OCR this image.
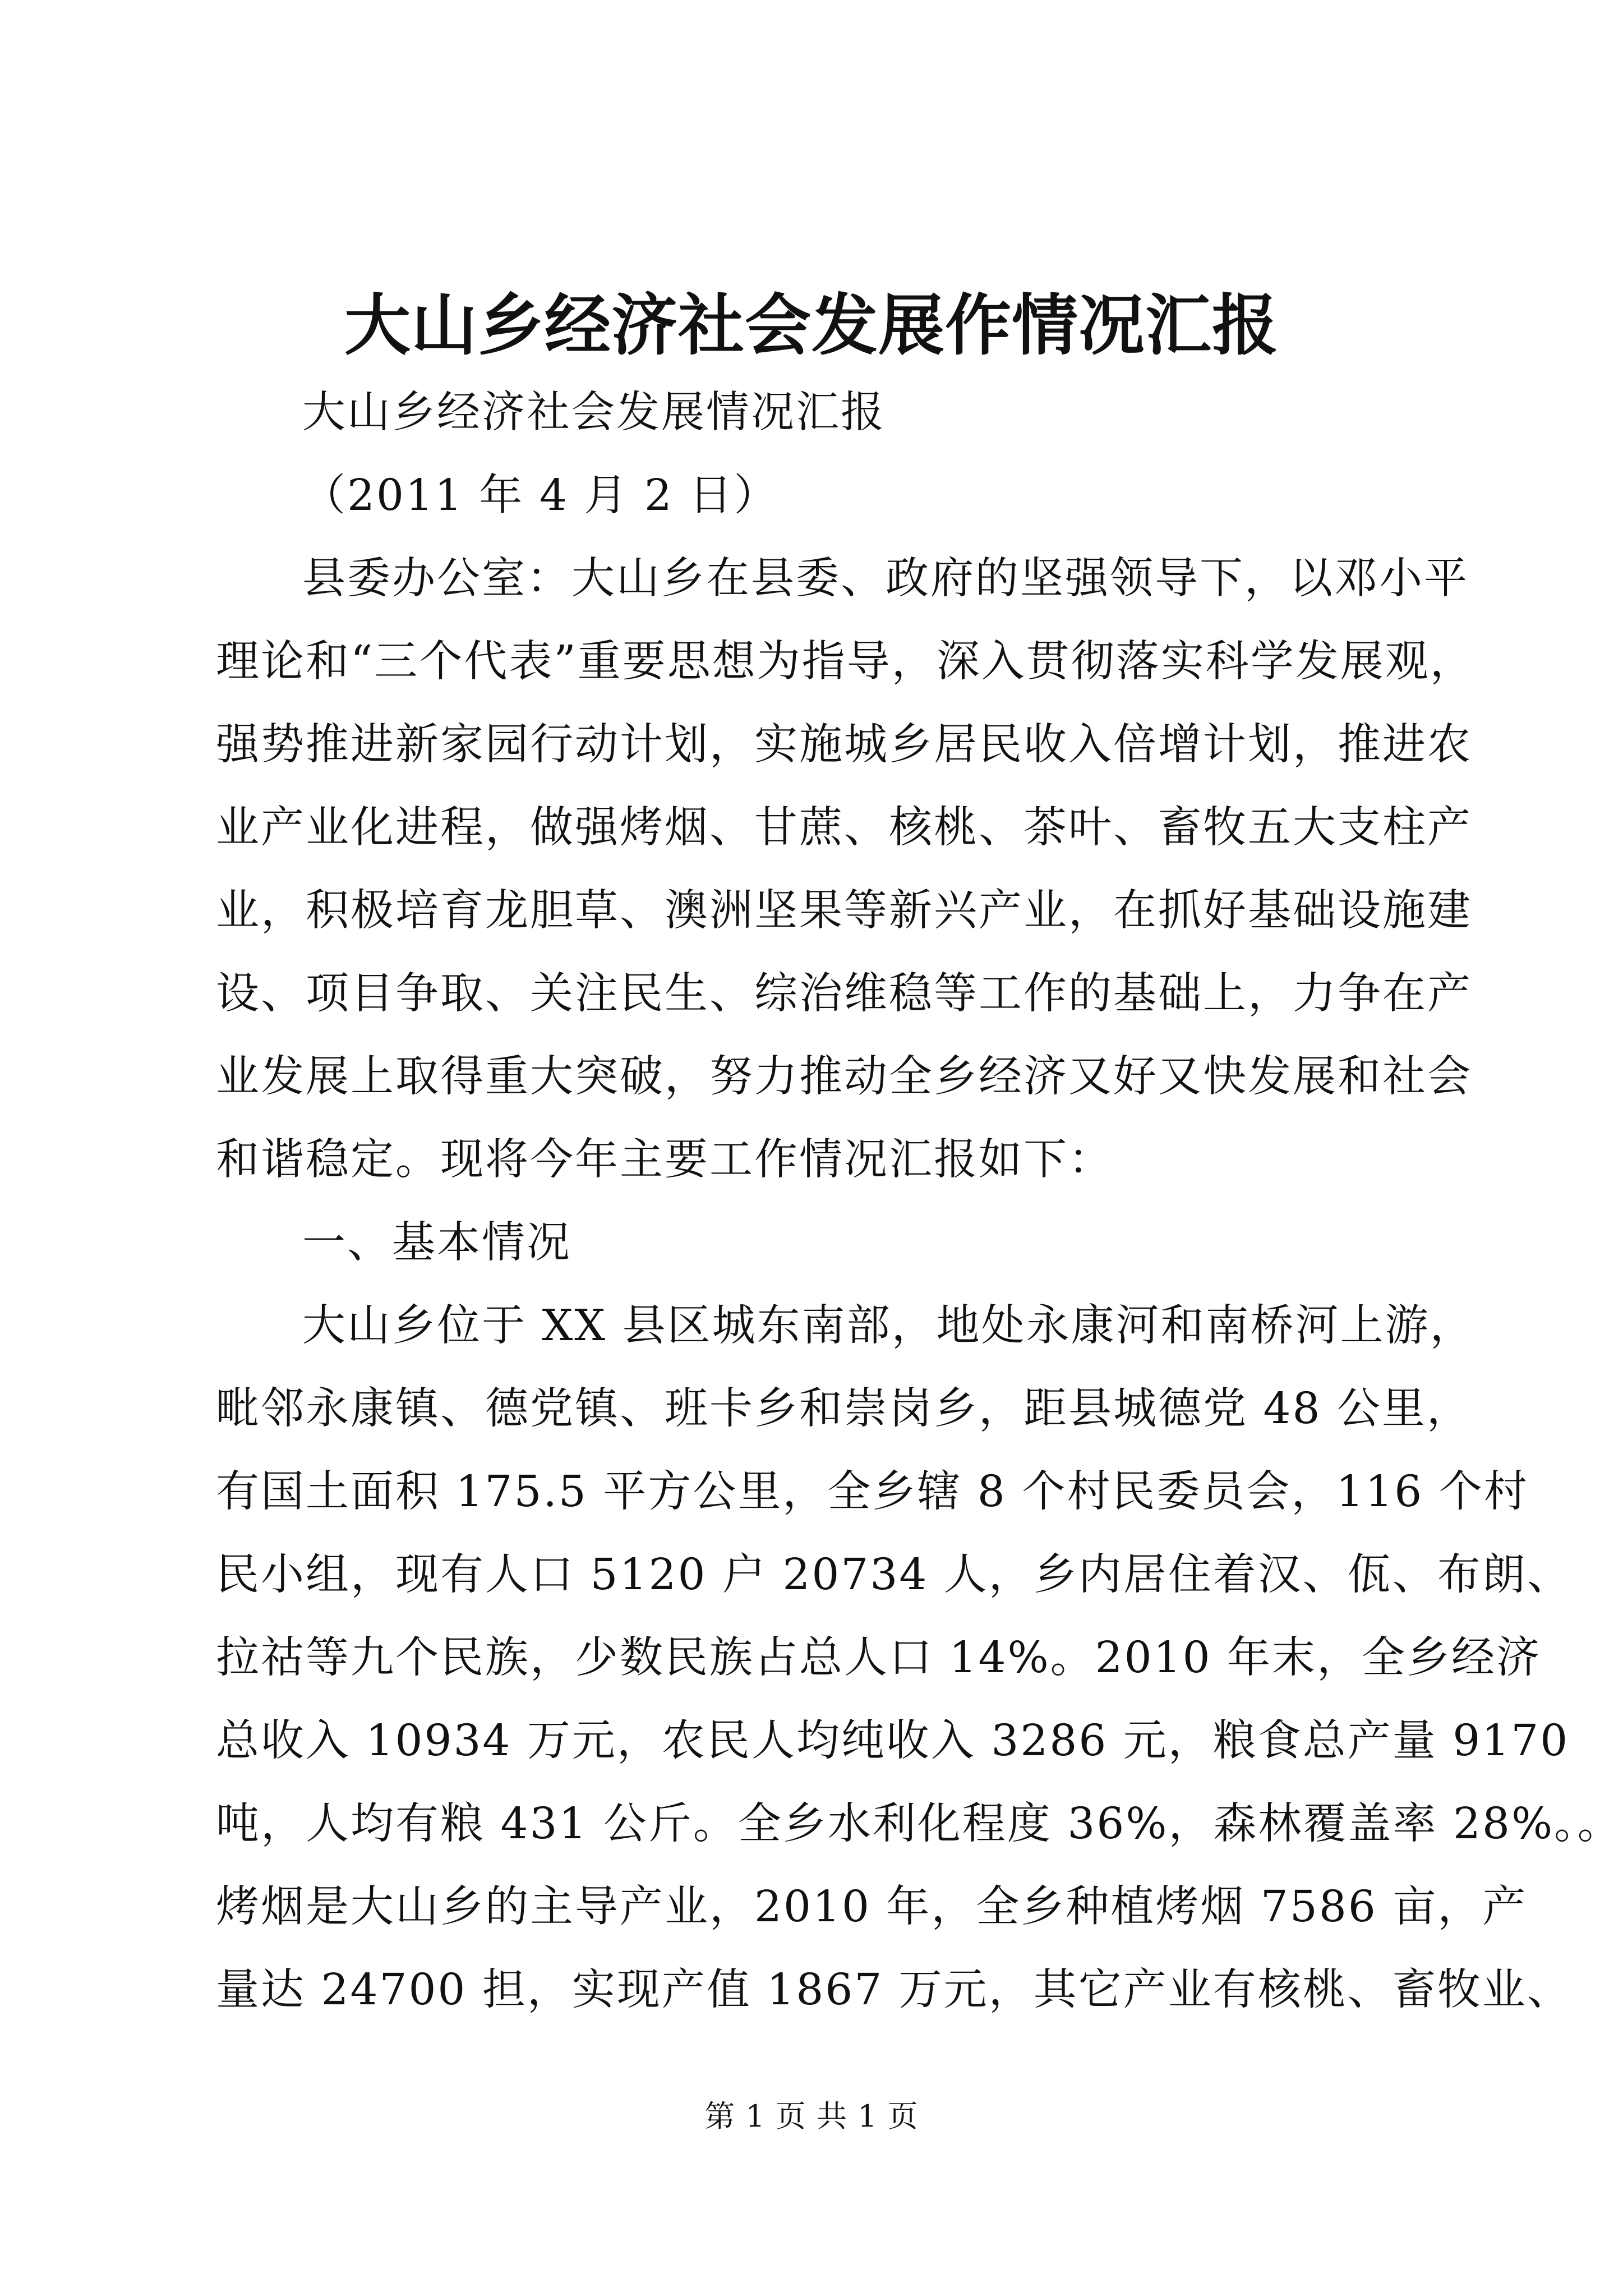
大山乡经济社会发展作情况汇报
大山乡经济社会发展情况汇报
（2011 年 4 月 2 日）
县委办公室：大山乡在县委、政府的坚强领导下，以邓小平
理论和“三个代表”重要思想为指导，深入贯彻落实科学发展观，
强势推进新家园行动计划，实施城乡居民收入倍增计划，推进农
业产业化进程，做强烤烟、甘蔗、核桃、茶叶、畜牧五大支柱产
业，积极培育龙胆草、澳洲坚果等新兴产业，在抓好基础设施建
设、项目争取、关注民生、综治维稳等工作的基础上，力争在产
业发展上取得重大突破，努力推动全乡经济又好又快发展和社会
和谐稳定。现将今年主要工作情况汇报如下：
一、基本情况
大山乡位于 XX 县区城东南部，地处永康河和南桥河上游，
毗邻永康镇、德党镇、班卡乡和崇岗乡，距县城德党 48 公里，
有国土面积 175.5 平方公里，全乡辖 8 个村民委员会，116 个村
民小组，现有人口 5120 户 20734 人，乡内居住着汉、佤、布朗、
拉祜等九个民族，少数民族占总人口 14%。2010 年末，全乡经济
总收入 10934 万元，农民人均纯收入 3286 元，粮食总产量 9170
吨，人均有粮 431 公斤。全乡水利化程度 36%，森林覆盖率 28%。。
烤烟是大山乡的主导产业，2010 年，全乡种植烤烟 7586 亩，产
量达 24700 担，实现产值 1867 万元，其它产业有核桃、畜牧业、
第 1 页 共 1 页
